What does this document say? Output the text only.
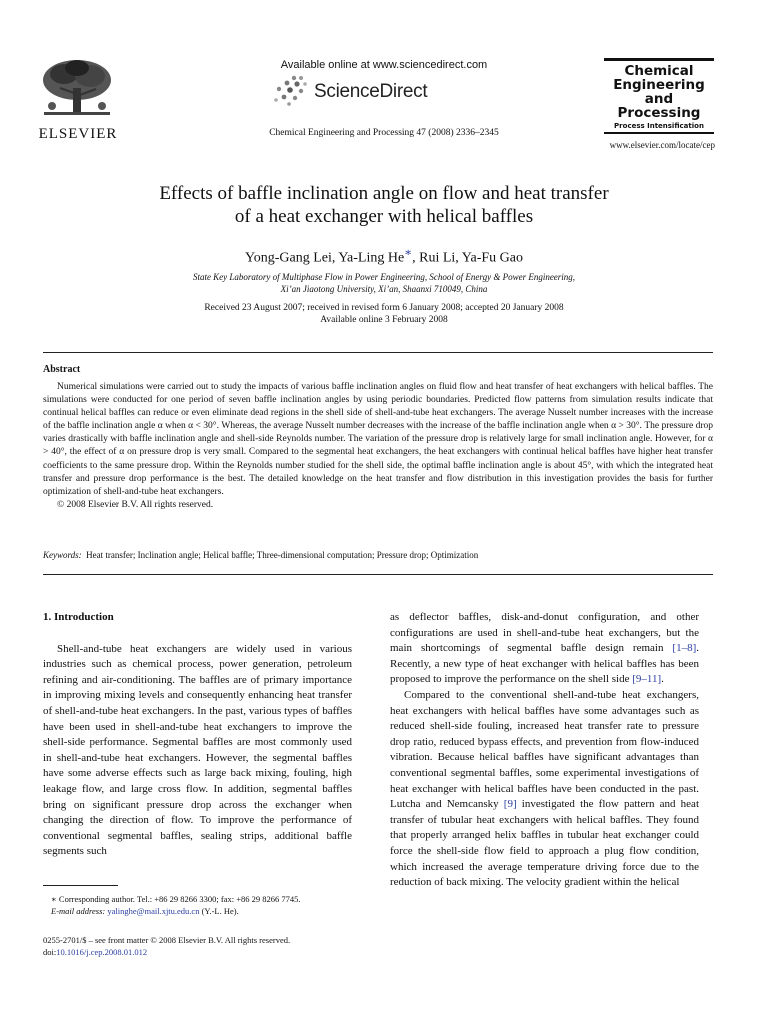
ELSEVIER
Available online at www.sciencedirect.com
ScienceDirect
Chemical Engineering and Processing 47 (2008) 2336–2345
Chemical
Engineering
and
Processing
Process Intensification
www.elsevier.com/locate/cep
Effects of baffle inclination angle on flow and heat transfer
of a heat exchanger with helical baffles
Yong-Gang Lei, Ya-Ling He∗, Rui Li, Ya-Fu Gao
State Key Laboratory of Multiphase Flow in Power Engineering, School of Energy & Power Engineering,
Xi’an Jiaotong University, Xi’an, Shaanxi 710049, China
Received 23 August 2007; received in revised form 6 January 2008; accepted 20 January 2008
Available online 3 February 2008
Abstract

Numerical simulations were carried out to study the impacts of various baffle inclination angles on fluid flow and heat transfer of heat exchangers with helical baffles. The simulations were conducted for one period of seven baffle inclination angles by using periodic boundaries. Predicted flow patterns from simulation results indicate that continual helical baffles can reduce or even eliminate dead regions in the shell side of shell-and-tube heat exchangers. The average Nusselt number increases with the increase of the baffle inclination angle α when α < 30°. Whereas, the average Nusselt number decreases with the increase of the baffle inclination angle when α > 30°. The pressure drop varies drastically with baffle inclination angle and shell-side Reynolds number. The variation of the pressure drop is relatively large for small inclination angle. However, for α > 40°, the effect of α on pressure drop is very small. Compared to the segmental heat exchangers, the heat exchangers with continual helical baffles have higher heat transfer coefficients to the same pressure drop. Within the Reynolds number studied for the shell side, the optimal baffle inclination angle is about 45°, with which the integrated heat transfer and pressure drop performance is the best. The detailed knowledge on the heat transfer and flow distribution in this investigation provides the basis for further optimization of shell-and-tube heat exchangers.

© 2008 Elsevier B.V. All rights reserved.

Keywords: Heat transfer; Inclination angle; Helical baffle; Three-dimensional computation; Pressure drop; Optimization
1. Introduction

Shell-and-tube heat exchangers are widely used in various industries such as chemical process, power generation, petroleum refining and air-conditioning. The baffles are of primary importance in improving mixing levels and consequently enhancing heat transfer of shell-and-tube heat exchangers. In the past, various types of baffles have been used in shell-and-tube heat exchangers to improve the shell-side performance. Segmental baffles are most commonly used in shell-and-tube heat exchangers. However, the segmental baffles have some adverse effects such as large back mixing, fouling, high leakage flow, and large cross flow. In addition, segmental baffles bring on significant pressure drop across the exchanger when changing the direction of flow. To improve the performance of conventional segmental baffles, sealing strips, additional baffle segments such

as deflector baffles, disk-and-donut configuration, and other configurations are used in shell-and-tube heat exchangers, but the main shortcomings of segmental baffle design remain [1–8]. Recently, a new type of heat exchanger with helical baffles has been proposed to improve the performance on the shell side [9–11].

Compared to the conventional shell-and-tube heat exchangers, heat exchangers with helical baffles have some advantages such as reduced shell-side fouling, increased heat transfer rate to pressure drop ratio, reduced bypass effects, and prevention from flow-induced vibration. Because helical baffles have significant advantages than conventional segmental baffles, some experimental investigations of heat exchanger with helical baffles have been conducted in the past. Lutcha and Nemcansky [9] investigated the flow pattern and heat transfer of tubular heat exchangers with helical baffles. They found that properly arranged helix baffles in tubular heat exchanger could force the shell-side flow field to approach a plug flow condition, which increased the average temperature driving force due to the reduction of back mixing. The velocity gradient within the helical

∗ Corresponding author. Tel.: +86 29 8266 3300; fax: +86 29 8266 7745.
E-mail address: yalinghe@mail.xjtu.edu.cn (Y.-L. He).
0255-2701/$ – see front matter © 2008 Elsevier B.V. All rights reserved.
doi:10.1016/j.cep.2008.01.012
